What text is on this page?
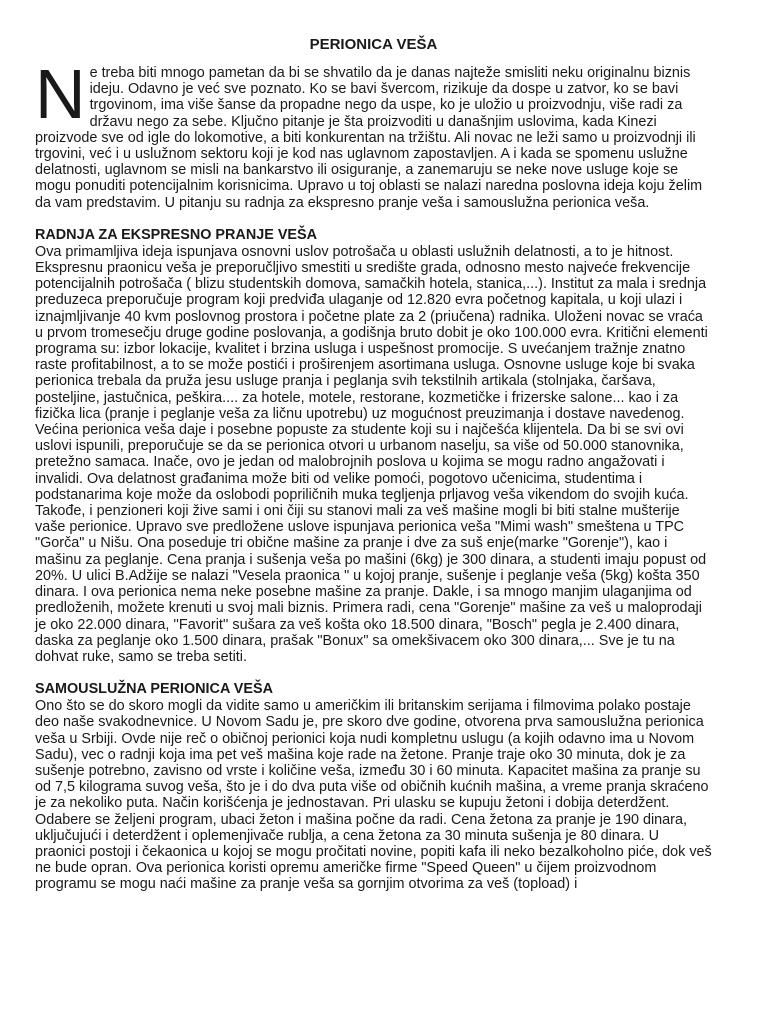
PERIONICA VEŠA

Ne treba biti mnogo pametan da bi se shvatilo da je danas najteže smisliti neku originalnu biznis ideju. Odavno je već sve poznato. Ko se bavi švercom, rizikuje da dospe u zatvor, ko se bavi trgovinom, ima više šanse da propadne nego da uspe, ko je uložio u proizvodnju, više radi za državu nego za sebe. Ključno pitanje je šta proizvoditi u današnjim uslovima, kada Kinezi proizvode sve od igle do lokomotive, a biti konkurentan na tržištu. Ali novac ne leži samo u proizvodnji ili trgovini, već i u uslužnom sektoru koji je kod nas uglavnom zapostavljen. A i kada se spomenu uslužne delatnosti, uglavnom se misli na bankarstvo ili osiguranje, a zanemaruju se neke nove usluge koje se mogu ponuditi potencijalnim korisnicima. Upravo u toj oblasti se nalazi naredna poslovna ideja koju želim da vam predstavim. U pitanju su radnja za ekspresno pranje veša i samouslužna perionica veša.

RADNJA ZA EKSPRESNO PRANJE VEŠA

Ova primamljiva ideja ispunjava osnovni uslov potrošača u oblasti uslužnih delatnosti, a to je hitnost. Ekspresnu praonicu veša je preporučljivo smestiti u središte grada, odnosno mesto najveće frekvencije potencijalnih potrošača ( blizu studentskih domova, samačkih hotela, stanica,...). Institut za mala i srednja preduzeca preporučuje program koji predviđa ulaganje od 12.820 evra početnog kapitala, u koji ulazi i iznajmljivanje 40 kvm poslovnog prostora i početne plate za 2 (priučena) radnika. Uloženi novac se vraća u prvom tromesečju druge godine poslovanja, a godišnja bruto dobit je oko 100.000 evra. Kritični elementi programa su: izbor lokacije, kvalitet i brzina usluga i uspešnost promocije. S uvećanjem tražnje znatno raste profitabilnost, a to se može postići i proširenjem asortimana usluga. Osnovne usluge koje bi svaka perionica trebala da pruža jesu usluge pranja i peglanja svih tekstilnih artikala (stolnjaka, čaršava, posteljine, jastučnica, peškira.... za hotele, motele, restorane, kozmetičke i frizerske salone... kao i za fizička lica (pranje i peglanje veša za ličnu upotrebu) uz mogućnost preuzimanja i dostave navedenog. Većina perionica veša daje i posebne popuste za studente koji su i najčešća klijentela. Da bi se svi ovi uslovi ispunili, preporučuje se da se perionica otvori u urbanom naselju, sa više od 50.000 stanovnika, pretežno samaca. Inače, ovo je jedan od malobrojnih poslova u kojima se mogu radno angažovati i invalidi. Ova delatnost građanima može biti od velike pomoći, pogotovo učenicima, studentima i podstanarima koje može da oslobodi popriličnih muka tegljenja prljavog veša vikendom do svojih kuća. Takođe, i penzioneri koji žive sami i oni čiji su stanovi mali za veš mašine mogli bi biti stalne mušterije vaše perionice. Upravo sve predložene uslove ispunjava perionica veša "Mimi wash" smeštena u TPC "Gorča" u Nišu. Ona poseduje tri obične mašine za pranje i dve za suš enje(marke "Gorenje"), kao i mašinu za peglanje. Cena pranja i sušenja veša po mašini (6kg) je 300 dinara, a studenti imaju popust od 20%. U ulici B.Adžije se nalazi "Vesela praonica " u kojoj pranje, sušenje i peglanje veša (5kg) košta 350 dinara. I ova perionica nema neke posebne mašine za pranje. Dakle, i sa mnogo manjim ulaganjima od predloženih, možete krenuti u svoj mali biznis. Primera radi, cena "Gorenje" mašine za veš u maloprodaji je oko 22.000 dinara, ''Favorit'' sušara za veš košta oko 18.500 dinara, "Bosch" pegla je 2.400 dinara, daska za peglanje oko 1.500 dinara, prašak "Bonux" sa omekšivacem oko 300 dinara,... Sve je tu na dohvat ruke, samo se treba setiti.

SAMOUSLUŽNA PERIONICA VEŠA

Ono što se do skoro mogli da vidite samo u američkim ili britanskim serijama i filmovima polako postaje deo naše svakodnevnice. U Novom Sadu je, pre skoro dve godine, otvorena prva samouslužna perionica veša u Srbiji. Ovde nije reč o običnoj perionici koja nudi kompletnu uslugu (a kojih odavno ima u Novom Sadu), vec o radnji koja ima pet veš mašina koje rade na žetone. Pranje traje oko 30 minuta, dok je za sušenje potrebno, zavisno od vrste i količine veša, između 30 i 60 minuta. Kapacitet mašina za pranje su od 7,5 kilograma suvog veša, što je i do dva puta više od običnih kućnih mašina, a vreme pranja skraćeno je za nekoliko puta. Način korišćenja je jednostavan. Pri ulasku se kupuju žetoni i dobija deterdžent. Odabere se željeni program, ubaci žeton i mašina počne da radi. Cena žetona za pranje je 190 dinara, uključujući i deterdžent i oplemenjivače rublja, a cena žetona za 30 minuta sušenja je 80 dinara. U praonici postoji i čekaonica u kojoj se mogu pročitati novine, popiti kafa ili neko bezalkoholno piće, dok veš ne bude opran. Ova perionica koristi opremu američke firme "Speed Queen" u čijem proizvodnom programu se mogu naći mašine za pranje veša sa gornjim otvorima za veš (topload) i
